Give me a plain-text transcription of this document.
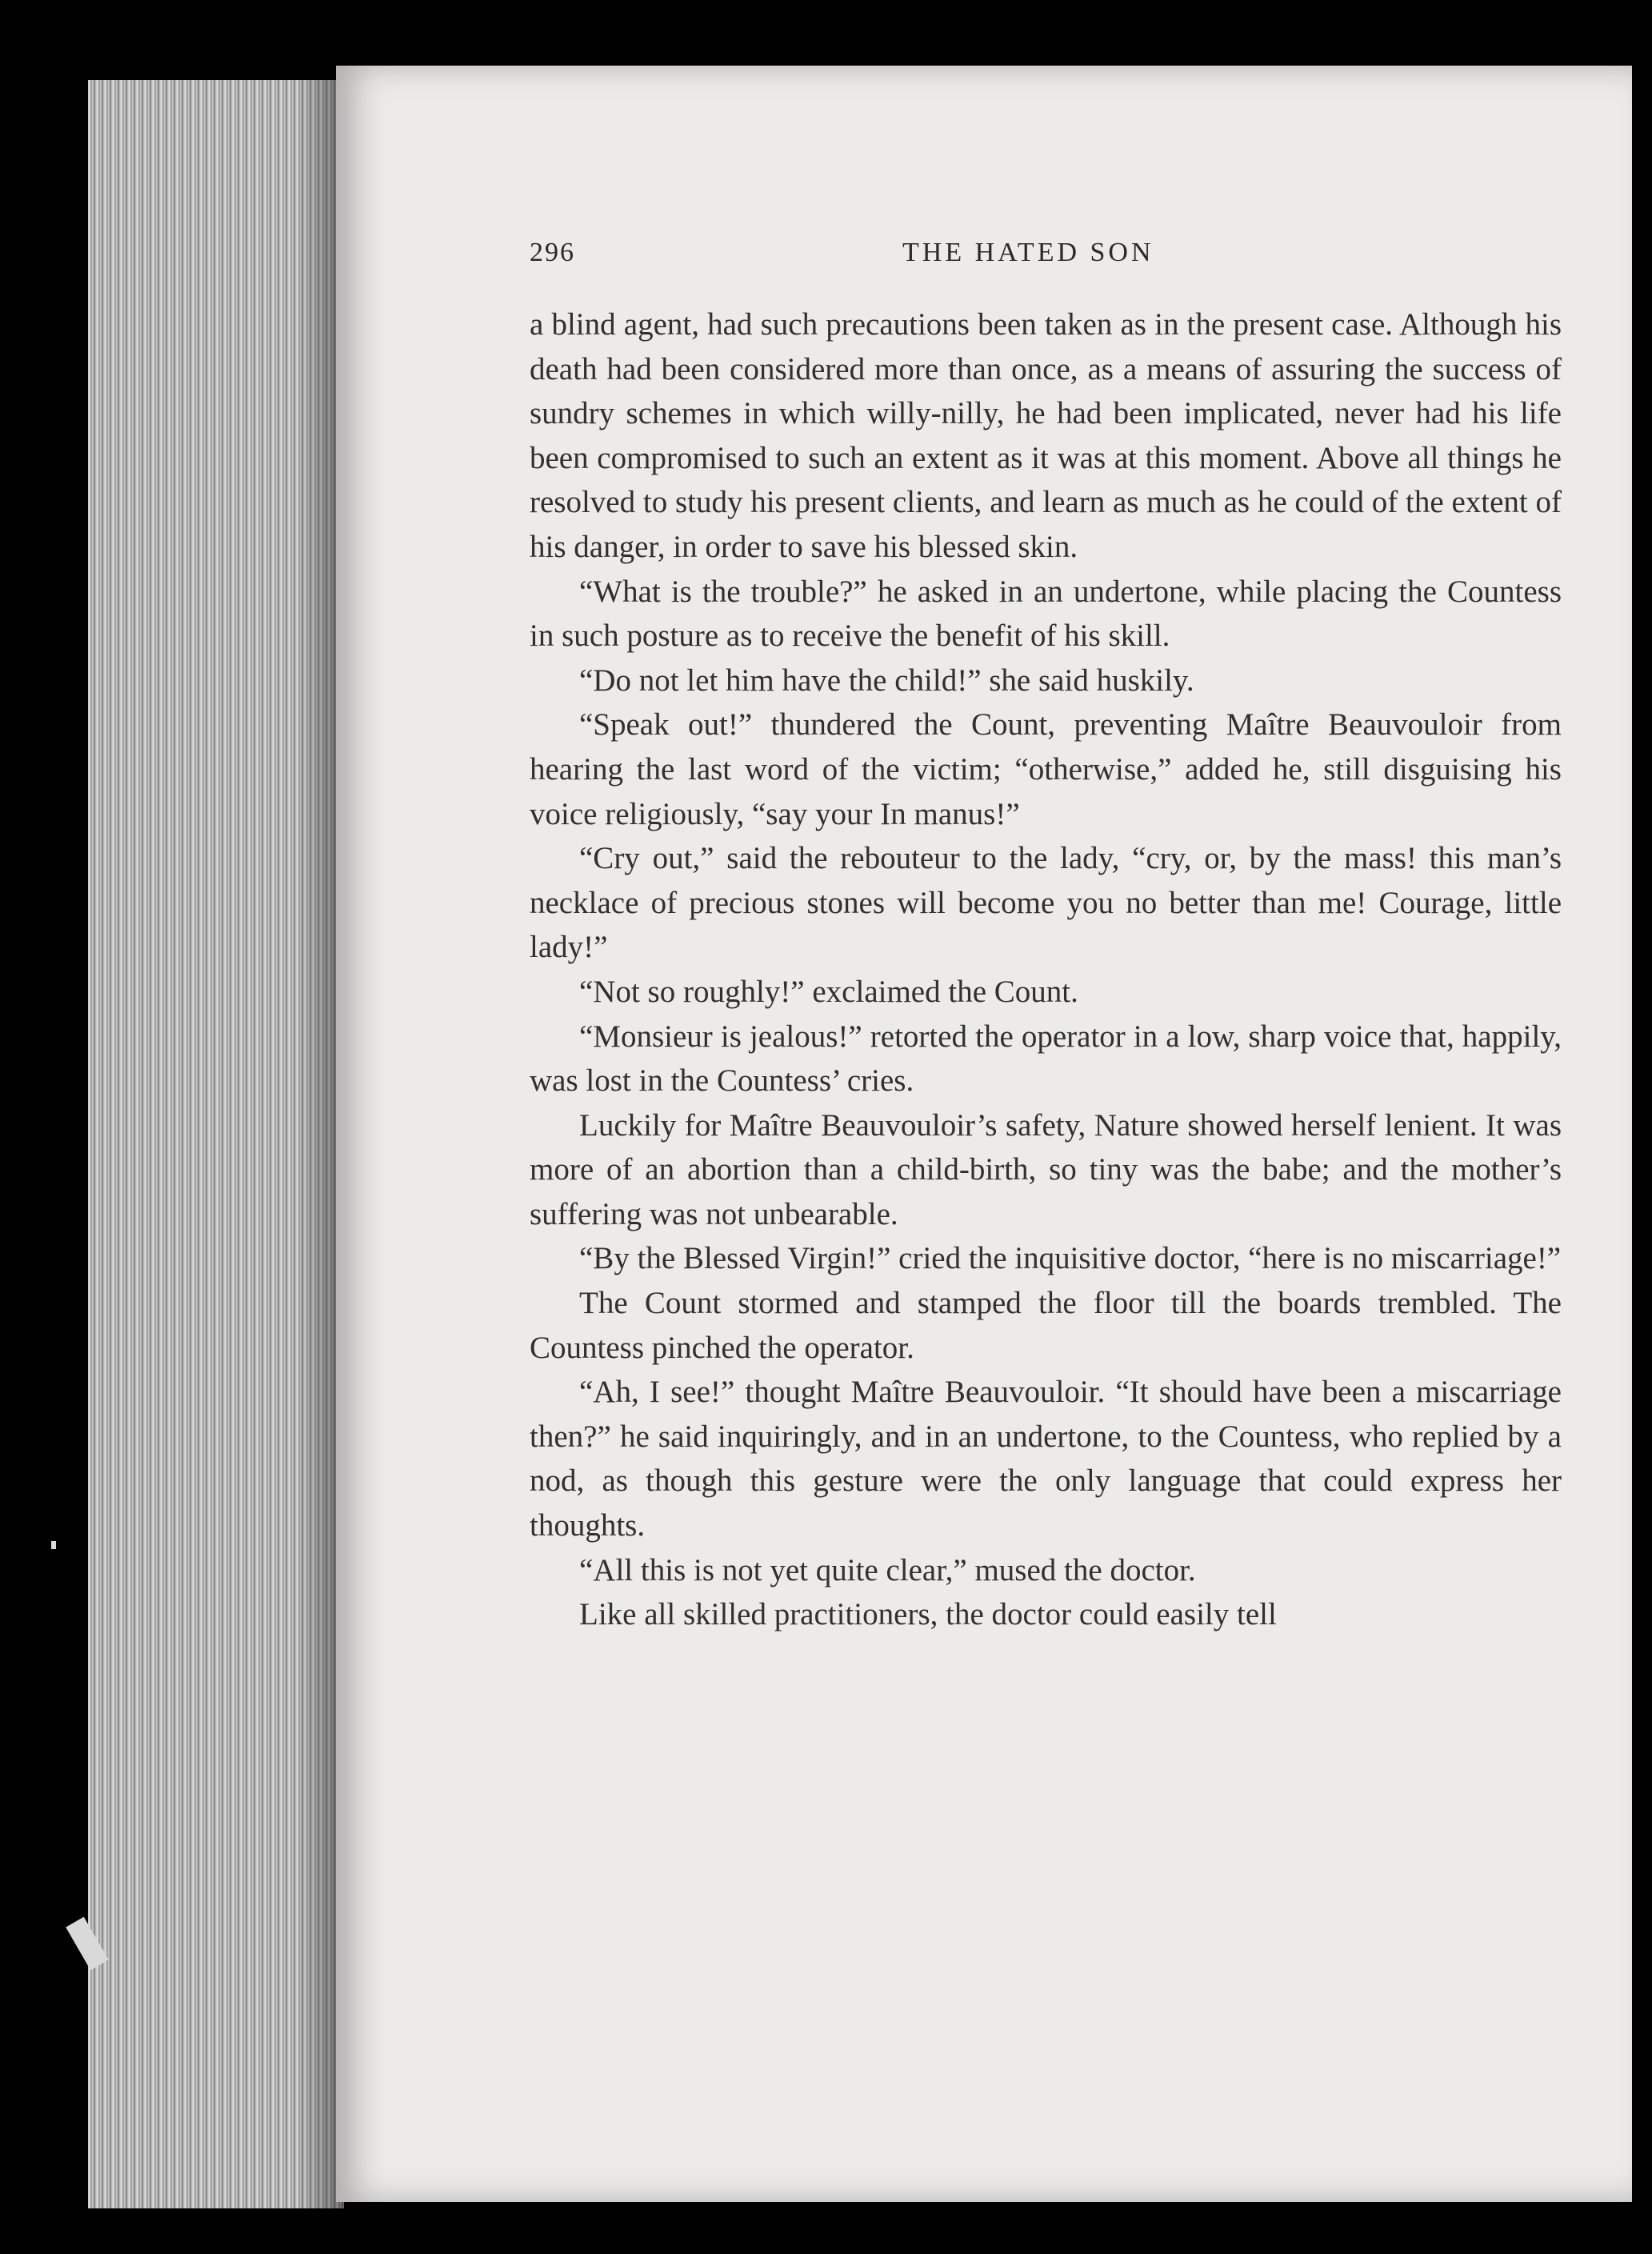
296	THE HATED SON

a blind agent, had such precautions been taken as in the present case. Although his death had been considered more than once, as a means of assuring the success of sundry schemes in which willy-nilly, he had been implicated, never had his life been compromised to such an extent as it was at this moment. Above all things he resolved to study his present clients, and learn as much as he could of the extent of his danger, in order to save his blessed skin.

“What is the trouble?” he asked in an undertone, while placing the Countess in such posture as to receive the benefit of his skill.

“Do not let him have the child!” she said huskily.

“Speak out!” thundered the Count, preventing Maître Beauvouloir from hearing the last word of the victim; “otherwise,” added he, still disguising his voice religiously, “say your In manus!”

“Cry out,” said the rebouteur to the lady, “cry, or, by the mass! this man’s necklace of precious stones will become you no better than me! Courage, little lady!”

“Not so roughly!” exclaimed the Count.

“Monsieur is jealous!” retorted the operator in a low, sharp voice that, happily, was lost in the Countess’ cries.

Luckily for Maître Beauvouloir’s safety, Nature showed herself lenient. It was more of an abortion than a child-birth, so tiny was the babe; and the mother’s suffering was not unbearable.

“By the Blessed Virgin!” cried the inquisitive doctor, “here is no miscarriage!”

The Count stormed and stamped the floor till the boards trembled. The Countess pinched the operator.

“Ah, I see!” thought Maître Beauvouloir. “It should have been a miscarriage then?” he said inquiringly, and in an undertone, to the Countess, who replied by a nod, as though this gesture were the only language that could express her thoughts.

“All this is not yet quite clear,” mused the doctor.

Like all skilled practitioners, the doctor could easily tell
